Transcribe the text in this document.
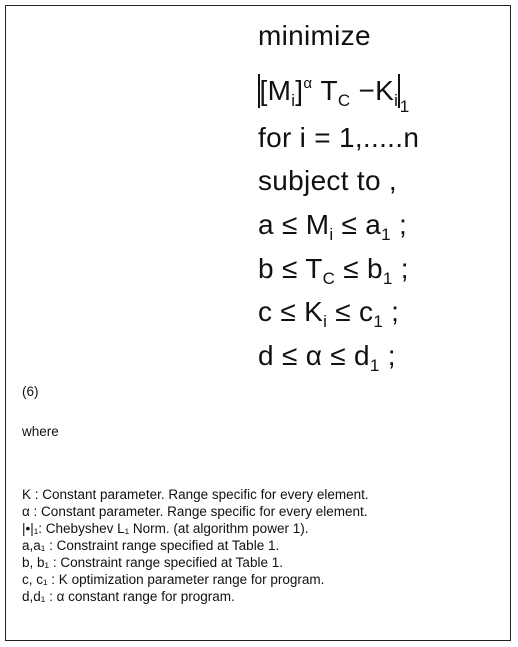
minimize
$[M_i]^\alpha$ $T_C -K_{i1}$
for i = 1,.....n
subject to ,
$a \le M_i \le a_1$ ;
$b \le T_C \le b_1$ ;
$c \le K_i \le c_1$ ;
$d \le \alpha \le d_1$ ;
(6)
where
K : Constant parameter. Range specific for every element.
α : Constant parameter. Range specific for every element.
|•|₁: Chebyshev L₁ Norm. (at algorithm power 1).
a,a₁ : Constraint range specified at Table 1.
b, b₁ : Constraint range specified at Table 1.
c, c₁ : K optimization parameter range for program.
d,d₁ : α constant range for program.
